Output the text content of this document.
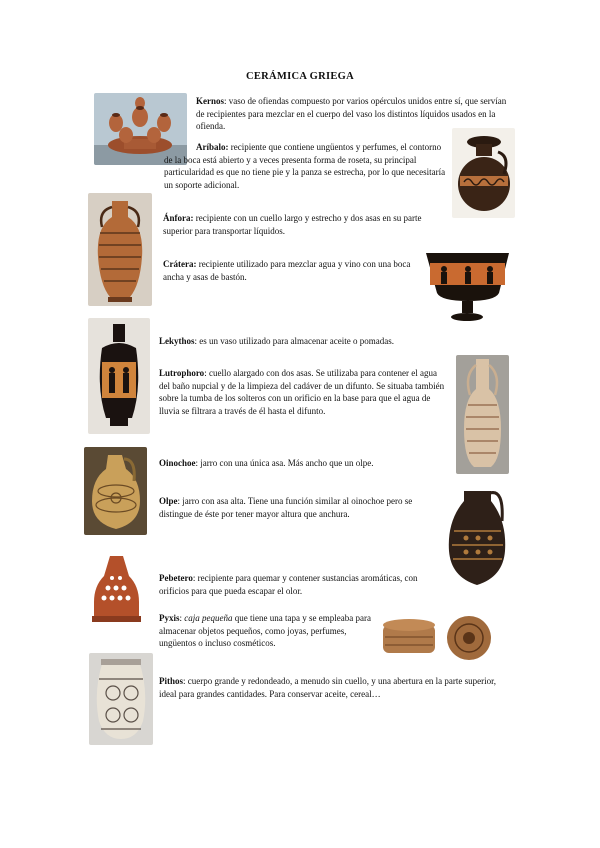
CERÁMICA GRIEGA

Kernos: vaso de ofiendas compuesto por varios opérculos unidos entre sí, que servían de recipientes para mezclar en el cuerpo del vaso los distintos líquidos usados en la ofienda.

Aríbalo: recipiente que contiene ungüentos y perfumes, el contorno de la boca está abierto y a veces presenta forma de roseta, su principal particularidad es que no tiene pie y la panza se estrecha, por lo que necesitaría un soporte adicional.

Ánfora: recipiente con un cuello largo y estrecho y dos asas en su parte superior para transportar líquidos.

Crátera: recipiente utilizado para mezclar agua y vino con una boca ancha y asas de bastón.

Lekythos: es un vaso utilizado para almacenar aceite o pomadas.

Lutrophoro: cuello alargado con dos asas. Se utilizaba para contener el agua del baño nupcial y de la limpieza del cadáver de un difunto. Se situaba también sobre la tumba de los solteros con un orificio en la base para que el agua de lluvia se filtrara a través de él hasta el difunto.

Oinochoe: jarro con una única asa. Más ancho que un olpe.

Olpe: jarro con asa alta. Tiene una función similar al oinochoe pero se distingue de éste por tener mayor altura que anchura.

Pebetero: recipiente para quemar y contener sustancias aromáticas, con orificios para que pueda escapar el olor.

Pyxis: caja pequeña que tiene una tapa y se empleaba para almacenar objetos pequeños, como joyas, perfumes, ungüentos o incluso cosméticos.

Pithos: cuerpo grande y redondeado, a menudo sin cuello, y una abertura en la parte superior, ideal para grandes cantidades. Para conservar aceite, cereal…
